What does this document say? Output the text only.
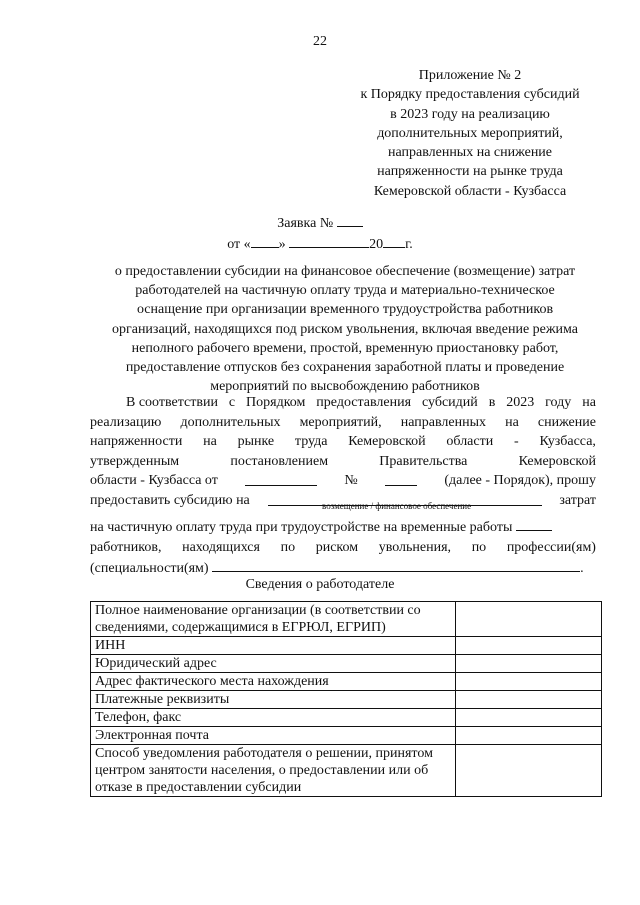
22
Приложение № 2
к Порядку предоставления субсидий
в 2023 году на реализацию
дополнительных мероприятий,
направленных на снижение
напряженности на рынке труда
Кемеровской области - Кузбасса
Заявка №
от « »	20 г.
о предоставлении субсидии на финансовое обеспечение (возмещение) затрат
работодателей на частичную оплату труда и материально-техническое
оснащение при организации временного трудоустройства работников
организаций, находящихся под риском увольнения, включая введение режима
неполного рабочего времени, простой, временную приостановку работ,
предоставление отпусков без сохранения заработной платы и проведение
мероприятий по высвобождению работников
В соответствии с Порядком предоставления субсидий в 2023 году на
реализацию дополнительных мероприятий, направленных на снижение
напряженности на рынке труда Кемеровской области - Кузбасса,
утвержденным	постановлением	Правительства	Кемеровской
области - Кузбасса от	№	(далее - Порядок), прошу
предоставить субсидию на	затрат
возмещение / финансовое обеспечение
на частичную оплату труда при трудоустройстве на временные работы
работников, находящихся по риском увольнения, по профессии(ям)
(специальности(ям)	.
Сведения о работодателе
Полное наименование организации (в соответствии со сведениями, содержащимися в ЕГРЮЛ, ЕГРИП)	
ИНН	
Юридический адрес	
Адрес фактического места нахождения	
Платежные реквизиты	
Телефон, факс	
Электронная почта	
Способ уведомления работодателя о решении, принятом центром занятости населения, о предоставлении или об отказе в предоставлении субсидии	
